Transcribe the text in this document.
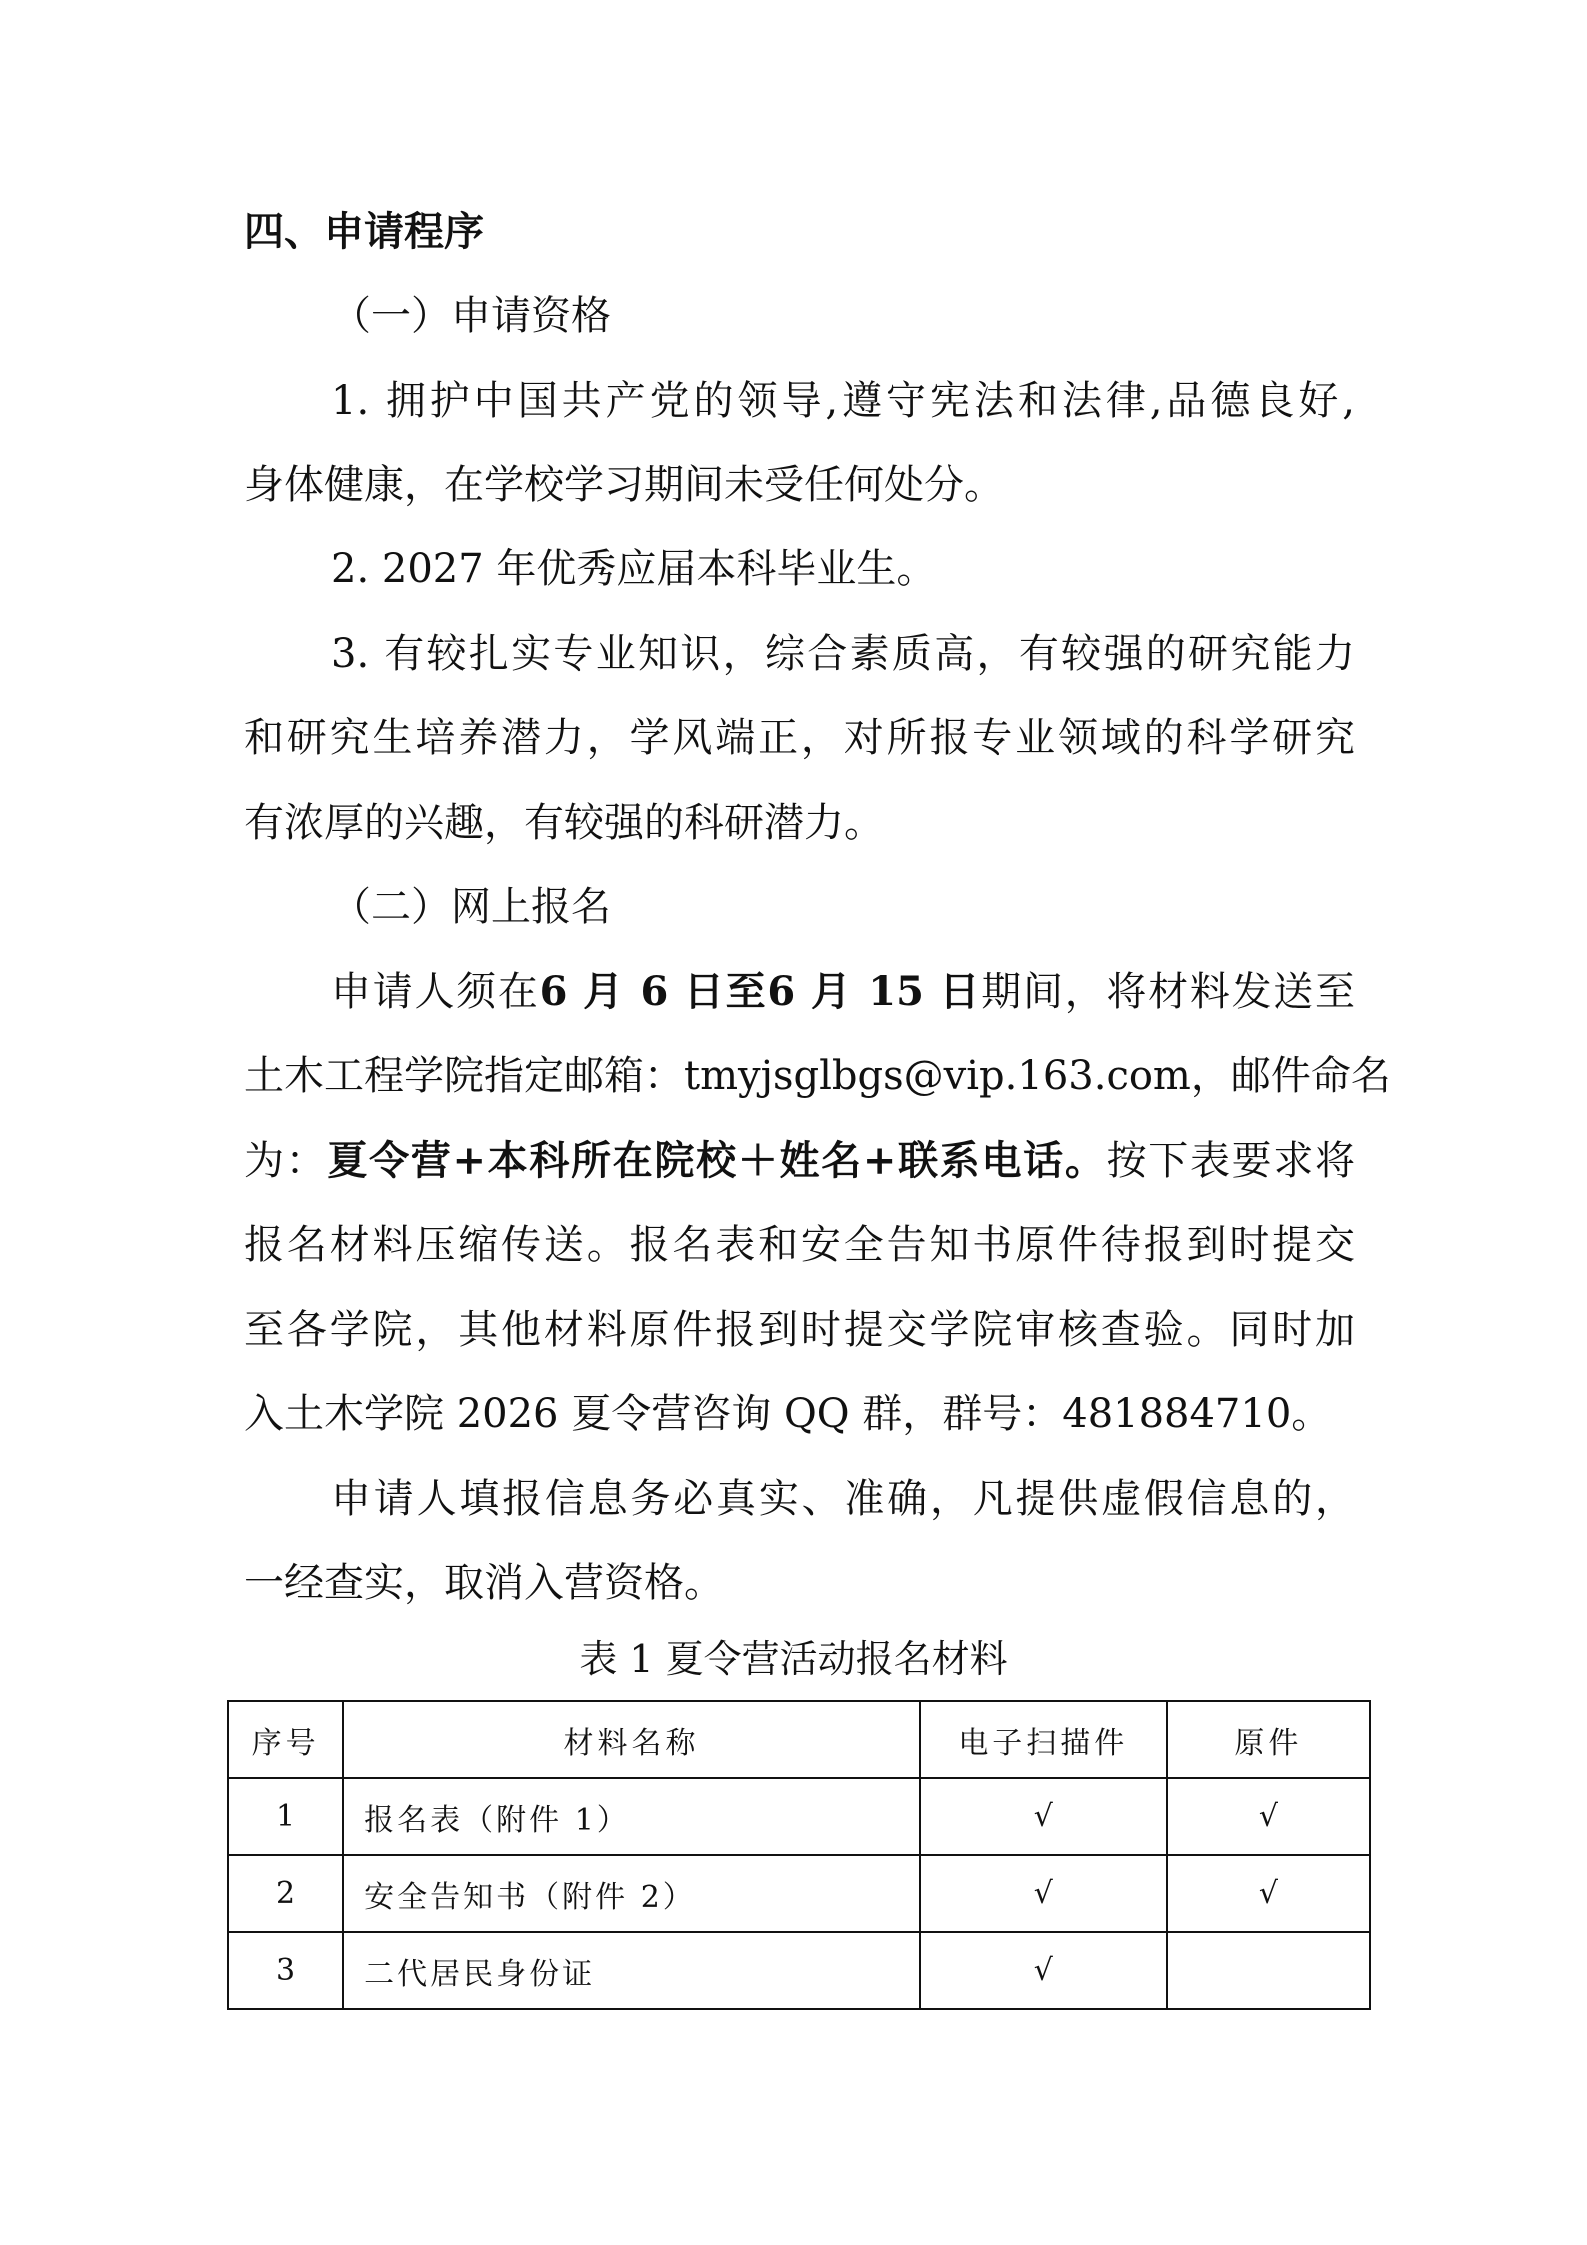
四、申请程序
（一）申请资格
1. 拥护中国共产党的领导,遵守宪法和法律,品德良好,
身体健康，在学校学习期间未受任何处分。
2. 2027 年优秀应届本科毕业生。
3. 有较扎实专业知识，综合素质高，有较强的研究能力
和研究生培养潜力，学风端正，对所报专业领域的科学研究
有浓厚的兴趣，有较强的科研潜力。
（二）网上报名
申请人须在6 月 6 日至6 月 15 日期间，将材料发送至
土木工程学院指定邮箱：tmyjsglbgs@vip.163.com，邮件命名
为：夏令营+本科所在院校＋姓名+联系电话。按下表要求将
报名材料压缩传送。报名表和安全告知书原件待报到时提交
至各学院，其他材料原件报到时提交学院审核查验。同时加
入土木学院 2026 夏令营咨询 QQ 群，群号：481884710。
申请人填报信息务必真实、准确，凡提供虚假信息的，
一经查实，取消入营资格。
表 1 夏令营活动报名材料
序号	材料名称	电子扫描件	原件
1	报名表（附件 1）	√	√
2	安全告知书（附件 2）	√	√
3	二代居民身份证	√	
